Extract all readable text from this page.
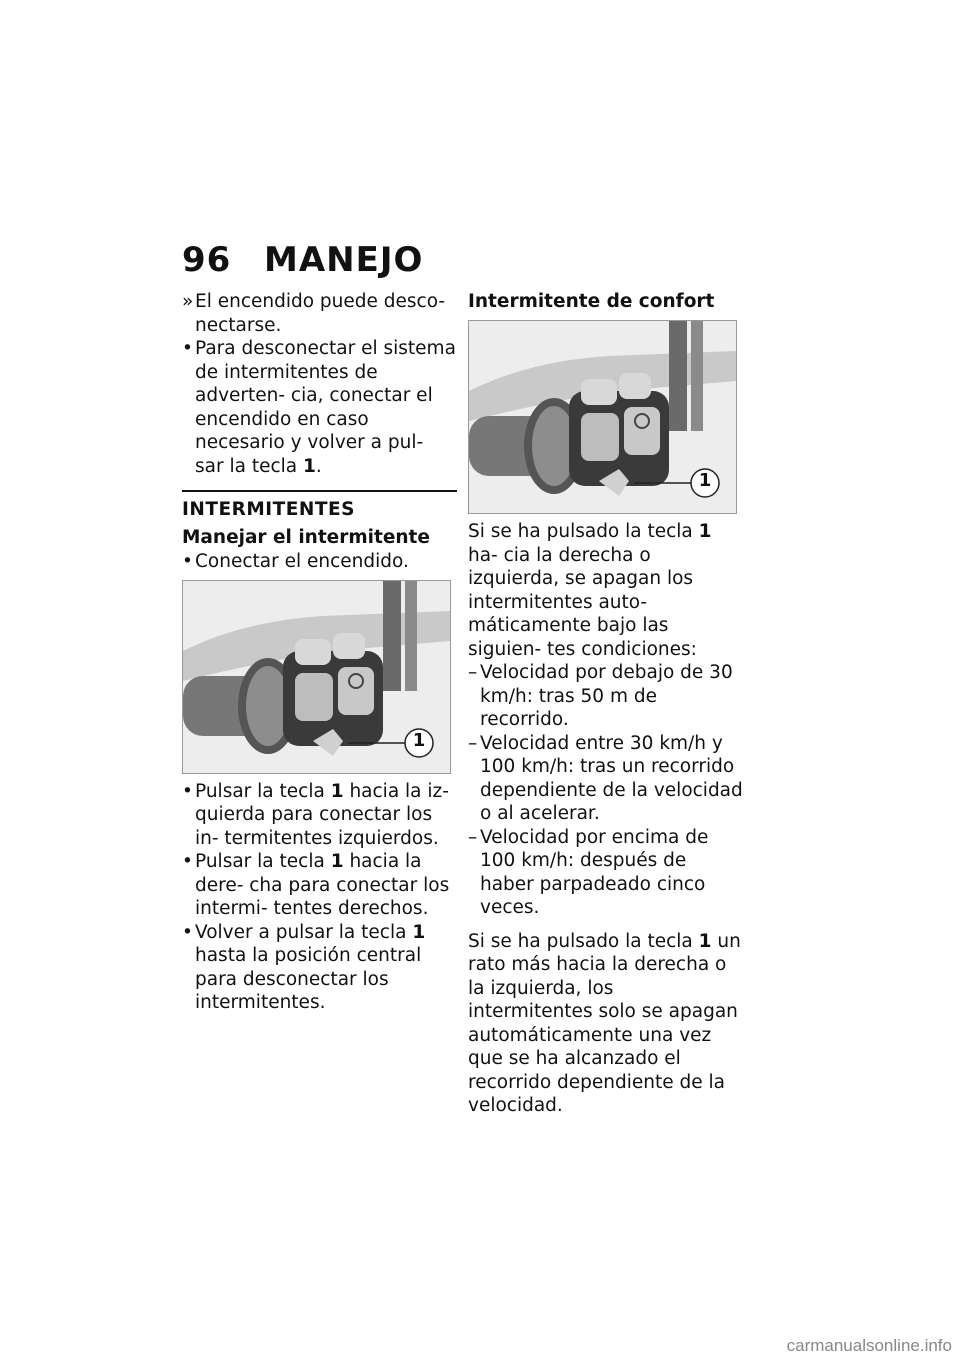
96 MANEJO
» El encendido puede desco- nectarse.
• Para desconectar el sistema de intermitentes de adverten- cia, conectar el encendido en caso necesario y volver a pul- sar la tecla 1.
INTERMITENTES
Manejar el intermitente
• Conectar el encendido.
1
• Pulsar la tecla 1 hacia la iz- quierda para conectar los in- termitentes izquierdos.
• Pulsar la tecla 1 hacia la dere- cha para conectar los intermi- tentes derechos.
• Volver a pulsar la tecla 1 hasta la posición central para desconectar los intermitentes.
Intermitente de confort
1

Si se ha pulsado la tecla 1 ha- cia la derecha o izquierda, se apagan los intermitentes auto- máticamente bajo las siguien- tes condiciones:

– Velocidad por debajo de 30 km/h: tras 50 m de recorrido.
– Velocidad entre 30 km/h y 100 km/h: tras un recorrido dependiente de la velocidad o al acelerar.
– Velocidad por encima de 100 km/h: después de haber parpadeado cinco veces.

Si se ha pulsado la tecla 1 un rato más hacia la derecha o la izquierda, los intermitentes solo se apagan automáticamente una vez que se ha alcanzado el recorrido dependiente de la velocidad.

carmanualsonline.info
